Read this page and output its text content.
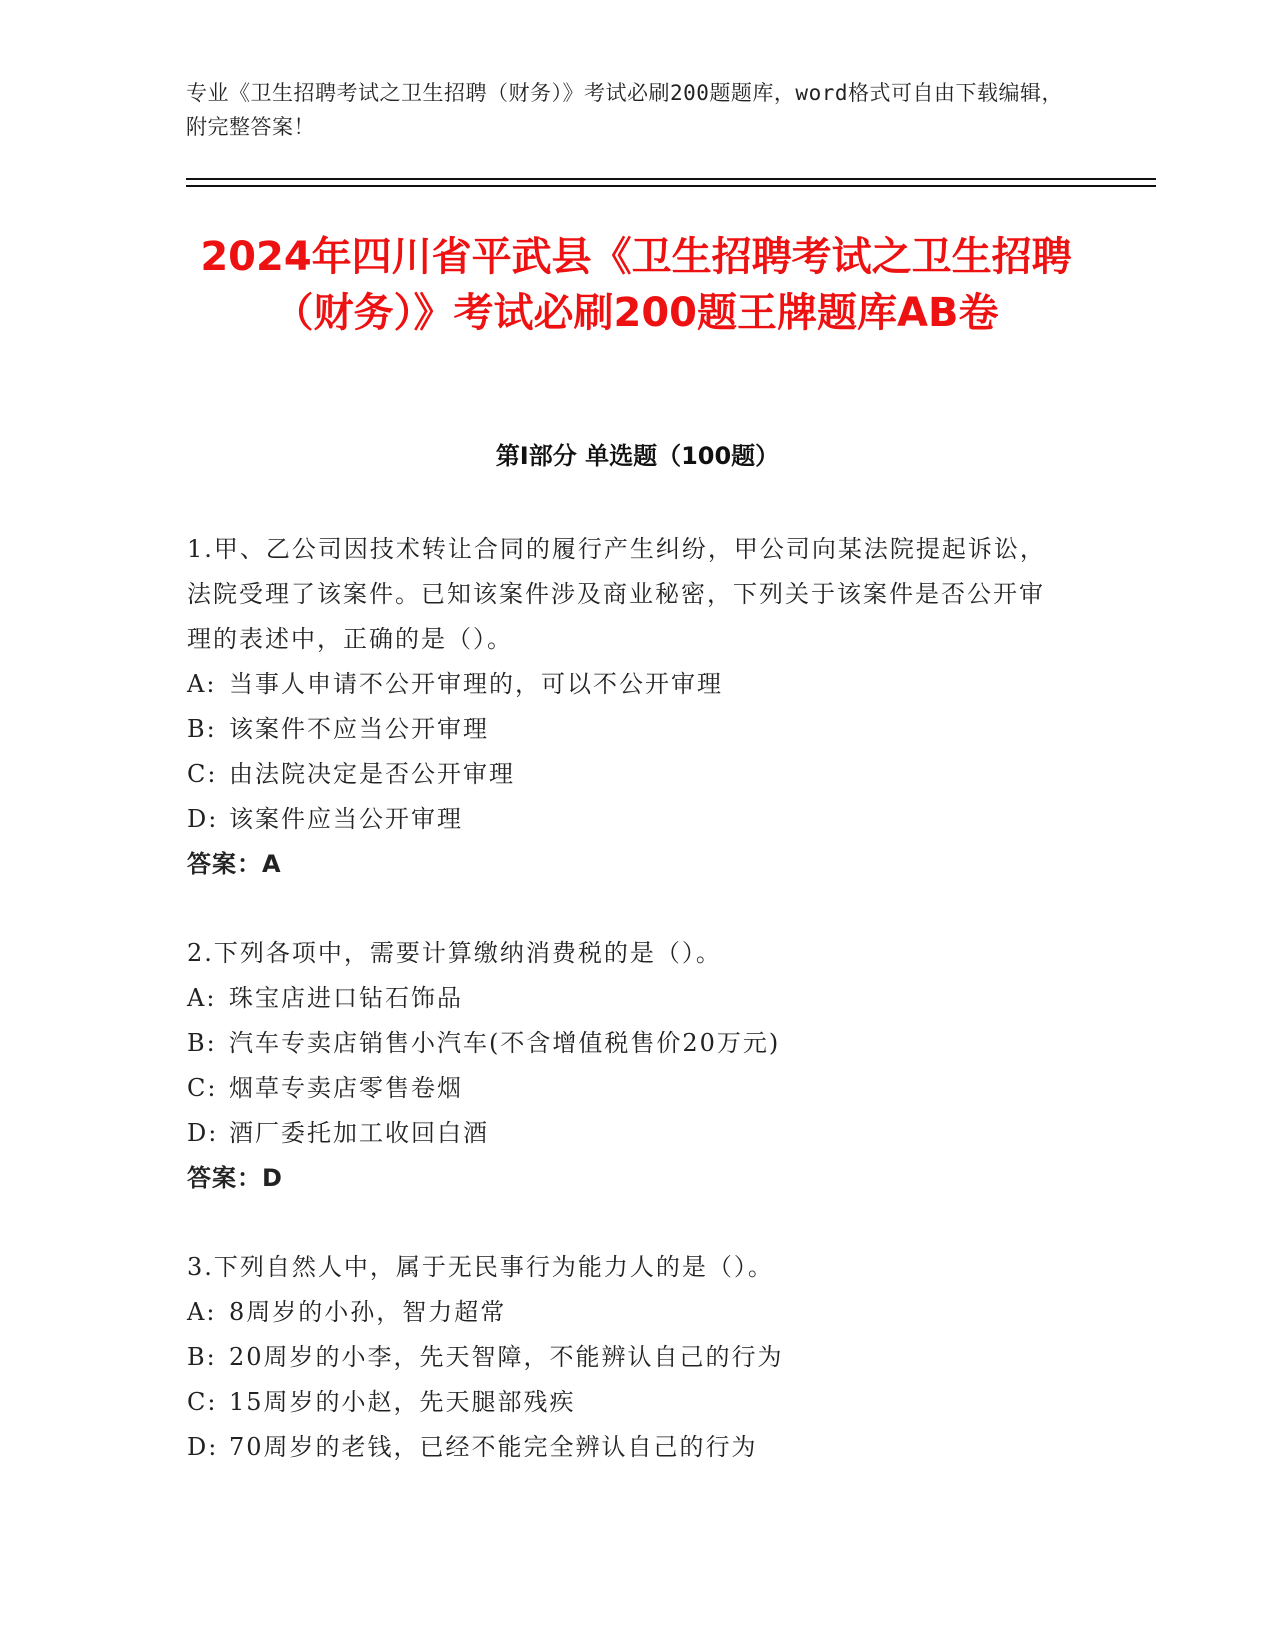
专业《卫生招聘考试之卫生招聘（财务）》考试必刷200题题库，word格式可自由下载编辑，附完整答案！
2024年四川省平武县《卫生招聘考试之卫生招聘（财务）》考试必刷200题王牌题库AB卷
第Ⅰ部分 单选题（100题）
1.甲、乙公司因技术转让合同的履行产生纠纷，甲公司向某法院提起诉讼，法院受理了该案件。已知该案件涉及商业秘密，下列关于该案件是否公开审理的表述中，正确的是（）。
A: 当事人申请不公开审理的，可以不公开审理
B: 该案件不应当公开审理
C: 由法院决定是否公开审理
D: 该案件应当公开审理
答案：A
2.下列各项中，需要计算缴纳消费税的是（）。
A: 珠宝店进口钻石饰品
B: 汽车专卖店销售小汽车(不含增值税售价20万元)
C: 烟草专卖店零售卷烟
D: 酒厂委托加工收回白酒
答案：D
3.下列自然人中，属于无民事行为能力人的是（）。
A: 8周岁的小孙，智力超常
B: 20周岁的小李，先天智障，不能辨认自己的行为
C: 15周岁的小赵，先天腿部残疾
D: 70周岁的老钱，已经不能完全辨认自己的行为
